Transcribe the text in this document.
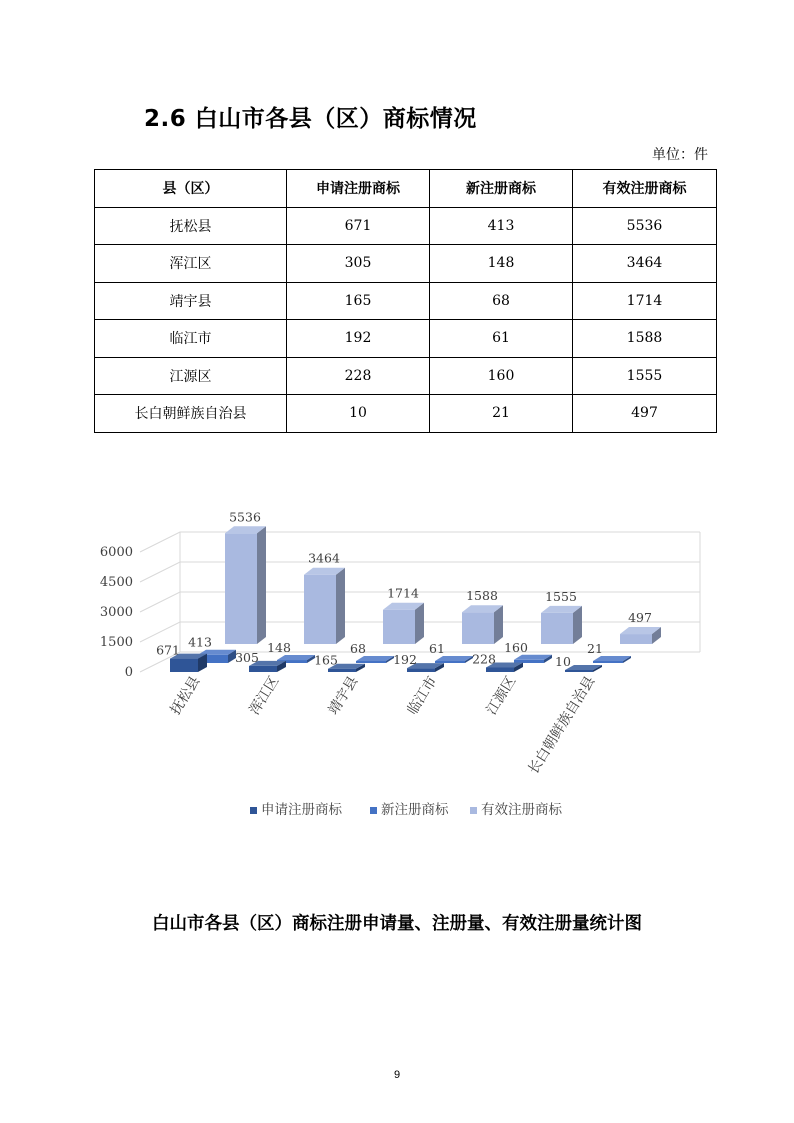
2.6 白山市各县（区）商标情况
单位：件
县（区）	申请注册商标	新注册商标	有效注册商标
抚松县	671	413	5536
浑江区	305	148	3464
靖宇县	165	68	1714
临江市	192	61	1588
江源区	228	160	1555
长白朝鲜族自治县	10	21	497
0
1500
3000
4500
6000
5536
413
671
抚松县
3464
148
305
浑江区
1714
68
165
靖宇县
1588
61
192
临江市
1555
160
228
江源区
497
21
10
长白朝鲜族自治县
申请注册商标	新注册商标 有效注册商标
白山市各县（区）商标注册申请量、注册量、有效注册量统计图
9
